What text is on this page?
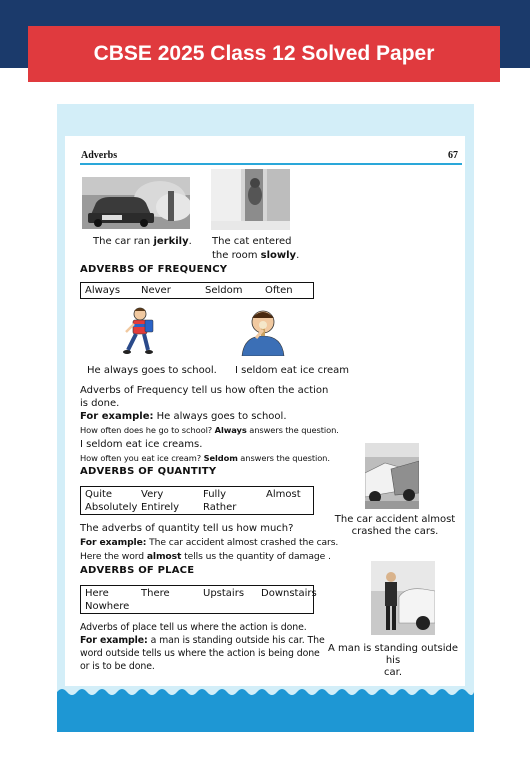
CBSE 2025 Class 12 Solved Paper
Adverbs	67
The car ran jerkily. The cat entered
the room slowly.
ADVERBS OF FREQUENCY
Always Never	Seldom Often
He always goes to school. I seldom eat ice cream
Adverbs of Frequency tell us how often the action
is done.
For example: He always goes to school.
How often does he go to school? Always answers the question.
I seldom eat ice creams.
How often you eat ice cream? Seldom answers the question.
ADVERBS OF QUANTITY
Quite	Very	Fully	Almost
Absolutely Entirely Rather
The adverbs of quantity tell us how much?
For example: The car accident almost crashed the cars.
Here the word almost tells us the quantity of damage .
ADVERBS OF PLACE
Here	There	Upstairs Downstairs
Nowhere
Adverbs of place tell us where the action is done.
For example: a man is standing outside his car. The
word outside tells us where the action is being done
or is to be done.
The car accident almost
crashed the cars.
A man is standing outside his
car.
